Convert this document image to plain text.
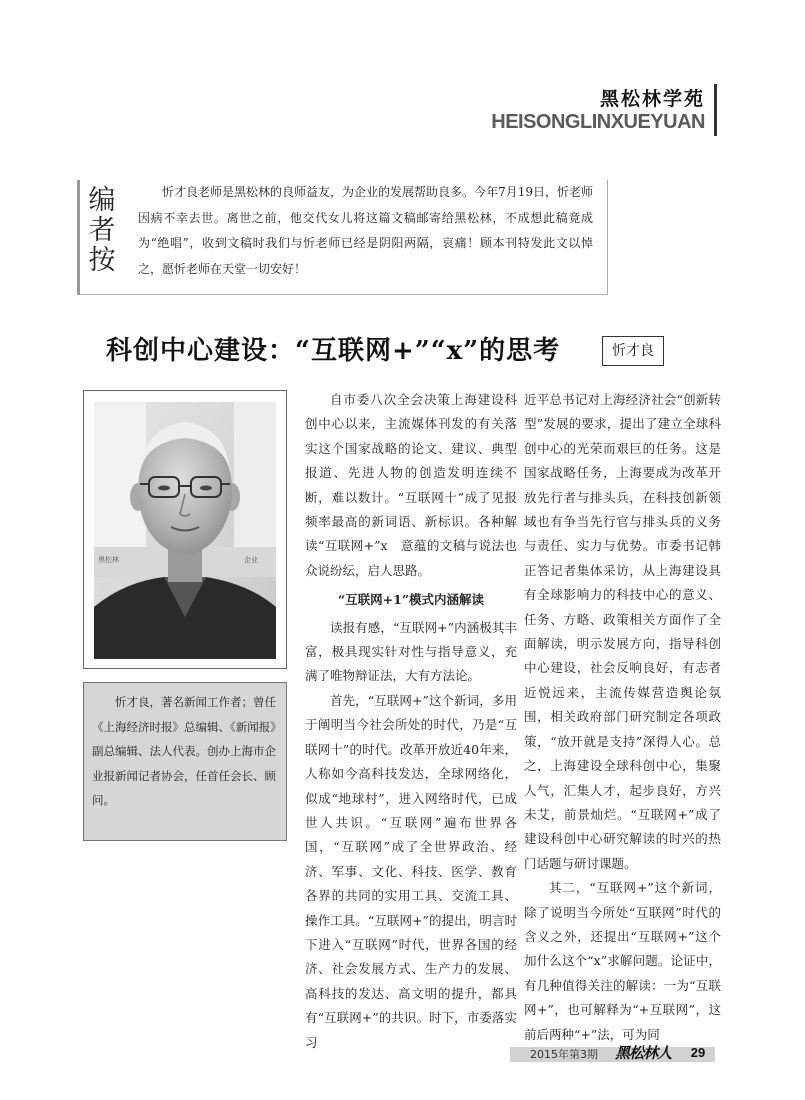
黑松林学苑
HEISONGLINXUEYUAN
编
者
按
忻才良老师是黑松林的良师益友，为企业的发展帮助良多。今年7月19日，忻老师因病不幸去世。离世之前，他交代女儿将这篇文稿邮寄给黑松林，不成想此稿竟成为“绝唱”，收到文稿时我们与忻老师已经是阴阳两隔，哀痛！顾本刊特发此文以悼之，愿忻老师在天堂一切安好！
科创中心建设：“互联网+”“x”的思考	忻才良
黑松林	企业
忻才良，著名新闻工作者；曾任《上海经济时报》总编辑、《新闻报》副总编辑、法人代表。创办上海市企业报新闻记者协会，任首任会长、顾问。

自市委八次全会决策上海建设科创中心以来，主流媒体刊发的有关落实这个国家战略的论文、建议、典型报道、先进人物的创造发明连续不断，难以数计。“互联网十”成了见报频率最高的新词语、新标识。各种解读“互联网+”x　意蕴的文稿与说法也众说纷纭，启人思路。

“互联网+1”模式内涵解读

读报有感，“互联网+”内涵极其丰富，极具现实针对性与指导意义，充满了唯物辩证法，大有方法论。

首先，“互联网+”这个新词，多用于阐明当今社会所处的时代，乃是“互联网十”的时代。改革开放近40年来，人称如今高科技发达，全球网络化，似成“地球村”，进入网络时代，已成世人共识。“互联网”遍布世界各国，“互联网”成了全世界政治、经济、军事、文化、科技、医学、教育各界的共同的实用工具、交流工具、操作工具。“互联网+”的提出，明言时下进入“互联网”时代，世界各国的经济、社会发展方式、生产力的发展、高科技的发达、高文明的提升，都具有“互联网+”的共识。时下，市委落实习

近平总书记对上海经济社会“创新转型”发展的要求，提出了建立全球科创中心的光荣而艰巨的任务。这是国家战略任务，上海要成为改革开放先行者与排头兵，在科技创新领域也有争当先行官与排头兵的义务与责任、实力与优势。市委书记韩正答记者集体采访，从上海建设具有全球影响力的科技中心的意义、任务、方略、政策相关方面作了全面解读，明示发展方向，指导科创中心建设，社会反响良好，有志者近悦远来，主流传媒营造舆论氛围，相关政府部门研究制定各项政策，“放开就是支持”深得人心。总之，上海建设全球科创中心，集聚人气，汇集人才，起步良好，方兴未艾，前景灿烂。“互联网+”成了建设科创中心研究解读的时兴的热门话题与研讨课题。

其二，“互联网+”这个新词，除了说明当今所处“互联网”时代的含义之外，还提出“互联网+”这个加什么这个“x”求解问题。论证中，有几种值得关注的解读：一为“互联网+”，也可解释为“+互联网”，这前后两种“+”法，可为同

2015年第3期 黑松林人	29
